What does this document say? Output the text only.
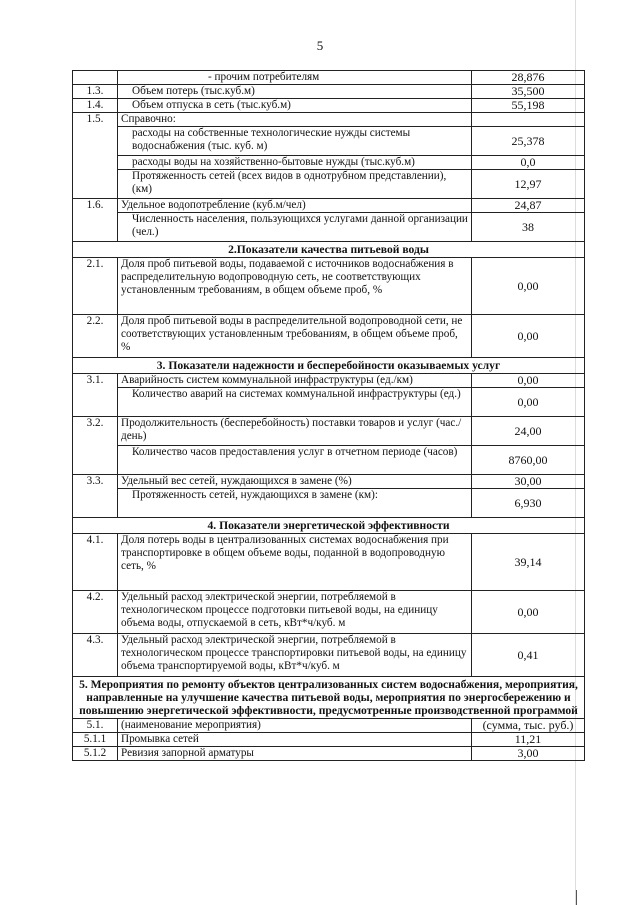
5
	- прочим потребителям	28,876
1.3.	Объем потерь (тыс.куб.м)	35,500
1.4.	Объем отпуска в сеть (тыс.куб.м)	55,198
1.5.	Справочно:	
	расходы на собственные технологические нужды системы водоснабжения (тыс. куб. м)	25,378
	расходы воды на хозяйственно-бытовые нужды (тыс.куб.м)	0,0
	Протяженность сетей (всех видов в однотрубном представлении), (км)	12,97
1.6.	Удельное водопотребление (куб.м/чел)	24,87
	Численность населения, пользующихся услугами данной организации (чел.)	38
2.Показатели качества питьевой воды		
2.1.	Доля проб питьевой воды, подаваемой с источников водоснабжения в распределительную водопроводную сеть, не соответствующих установленным требованиям, в общем объеме проб, %	0,00
2.2.	Доля проб питьевой воды в распределительной водопроводной сети, не соответствующих установленным требованиям, в общем объеме проб, %	0,00
3. Показатели надежности и бесперебойности оказываемых услуг		
3.1.	Аварийность систем коммунальной инфраструктуры (ед./км)	0,00
	Количество аварий на системах коммунальной инфраструктуры (ед.)	0,00
3.2.	Продолжительность (бесперебойность) поставки товаров и услуг (час./день)	24,00
	Количество часов предоставления услуг в отчетном периоде (часов)	8760,00
3.3.	Удельный вес сетей, нуждающихся в замене (%)	30,00
	Протяженность сетей, нуждающихся в замене (км):	6,930
4. Показатели энергетической эффективности		
4.1.	Доля потерь воды в централизованных системах водоснабжения при транспортировке в общем объеме воды, поданной в водопроводную сеть, %	39,14
4.2.	Удельный расход электрической энергии, потребляемой в технологическом процессе подготовки питьевой воды, на единицу объема воды, отпускаемой в сеть, кВт*ч/куб. м	0,00
4.3.	Удельный расход электрической энергии, потребляемой в технологическом процессе транспортировки питьевой воды, на единицу объема транспортируемой воды, кВт*ч/куб. м	0,41
5. Мероприятия по ремонту объектов централизованных систем водоснабжения, мероприятия, направленные на улучшение качества питьевой воды, мероприятия по энергосбережению и повышению энергетической эффективности, предусмотренные производственной программой		
5.1.	(наименование мероприятия)	(сумма, тыс. руб.)
5.1.1	Промывка сетей	11,21
5.1.2	Ревизия запорной арматуры	3,00
